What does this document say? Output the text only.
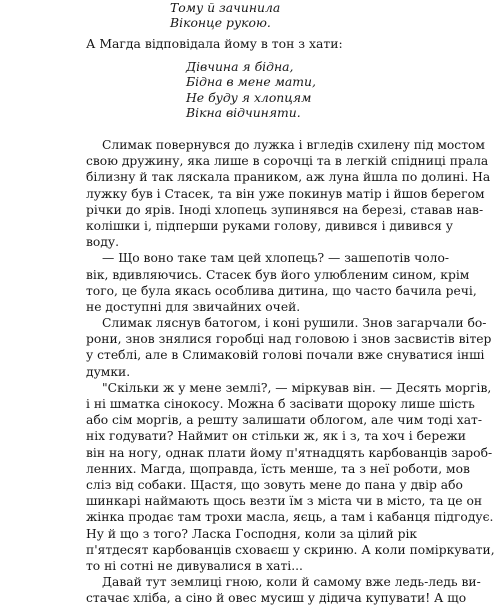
Тому й зачинила
Віконце рукою.
А Магда відповідала йому в тон з хати:
Дівчина я бідна,
Бідна в мене мати,
Не буду я хлопцям
Вікна відчиняти.
Слимак повернувся до лужка і вгледів схилену під мостом
свою дружину, яка лише в сорочці та в легкій спідниці прала
білизну й так ляскала праником, аж луна йшла по долині. На
лужку був і Стасек, та він уже покинув матір і йшов берегом
річки до ярів. Іноді хлопець зупинявся на березі, ставав нав-
колішки і, підперши руками голову, дивився і дивився у
воду.
— Що воно таке там цей хлопець? — зашепотів чоло-
вік, вдивляючись. Стасек був його улюбленим сином, крім
того, це була якась особлива дитина, що часто бачила речі,
не доступні для звичайних очей.
Слимак ляснув батогом, і коні рушили. Знов загарчали бо-
рони, знов знялися горобці над головою і знов засвистів вітер
у стеблі, але в Слимаковій голові почали вже снуватися інші
думки.
"Скільки ж у мене землі?, — міркував він. — Десять моргів,
і ні шматка сінокосу. Можна б засівати щороку лише шість
або сім моргів, а решту залишати облогом, але чим тоді хат-
ніх годувати? Наймит он стільки ж, як і з, та хоч і бережи
він на ногу, однак плати йому п'ятнадцять карбованців зароб-
ленних. Магда, щоправда, їсть менше, та з неї роботи, мов
сліз від собаки. Щастя, що зовуть мене до пана у двір або
шинкарі наймають щось везти їм з міста чи в місто, та це он
жінка продає там трохи масла, яєць, а там і кабанця підгодує.
Ну й що з того? Ласка Господня, коли за цілий рік
п'ятдесят карбованців сховаєш у скриню. А коли поміркувати,
то ні сотні не дивувалися в хаті...
Давай тут землиці гною, коли й самому вже ледь-ледь ви-
стачає хліба, а сіно й овес мусиш у дідича купувати! А що
